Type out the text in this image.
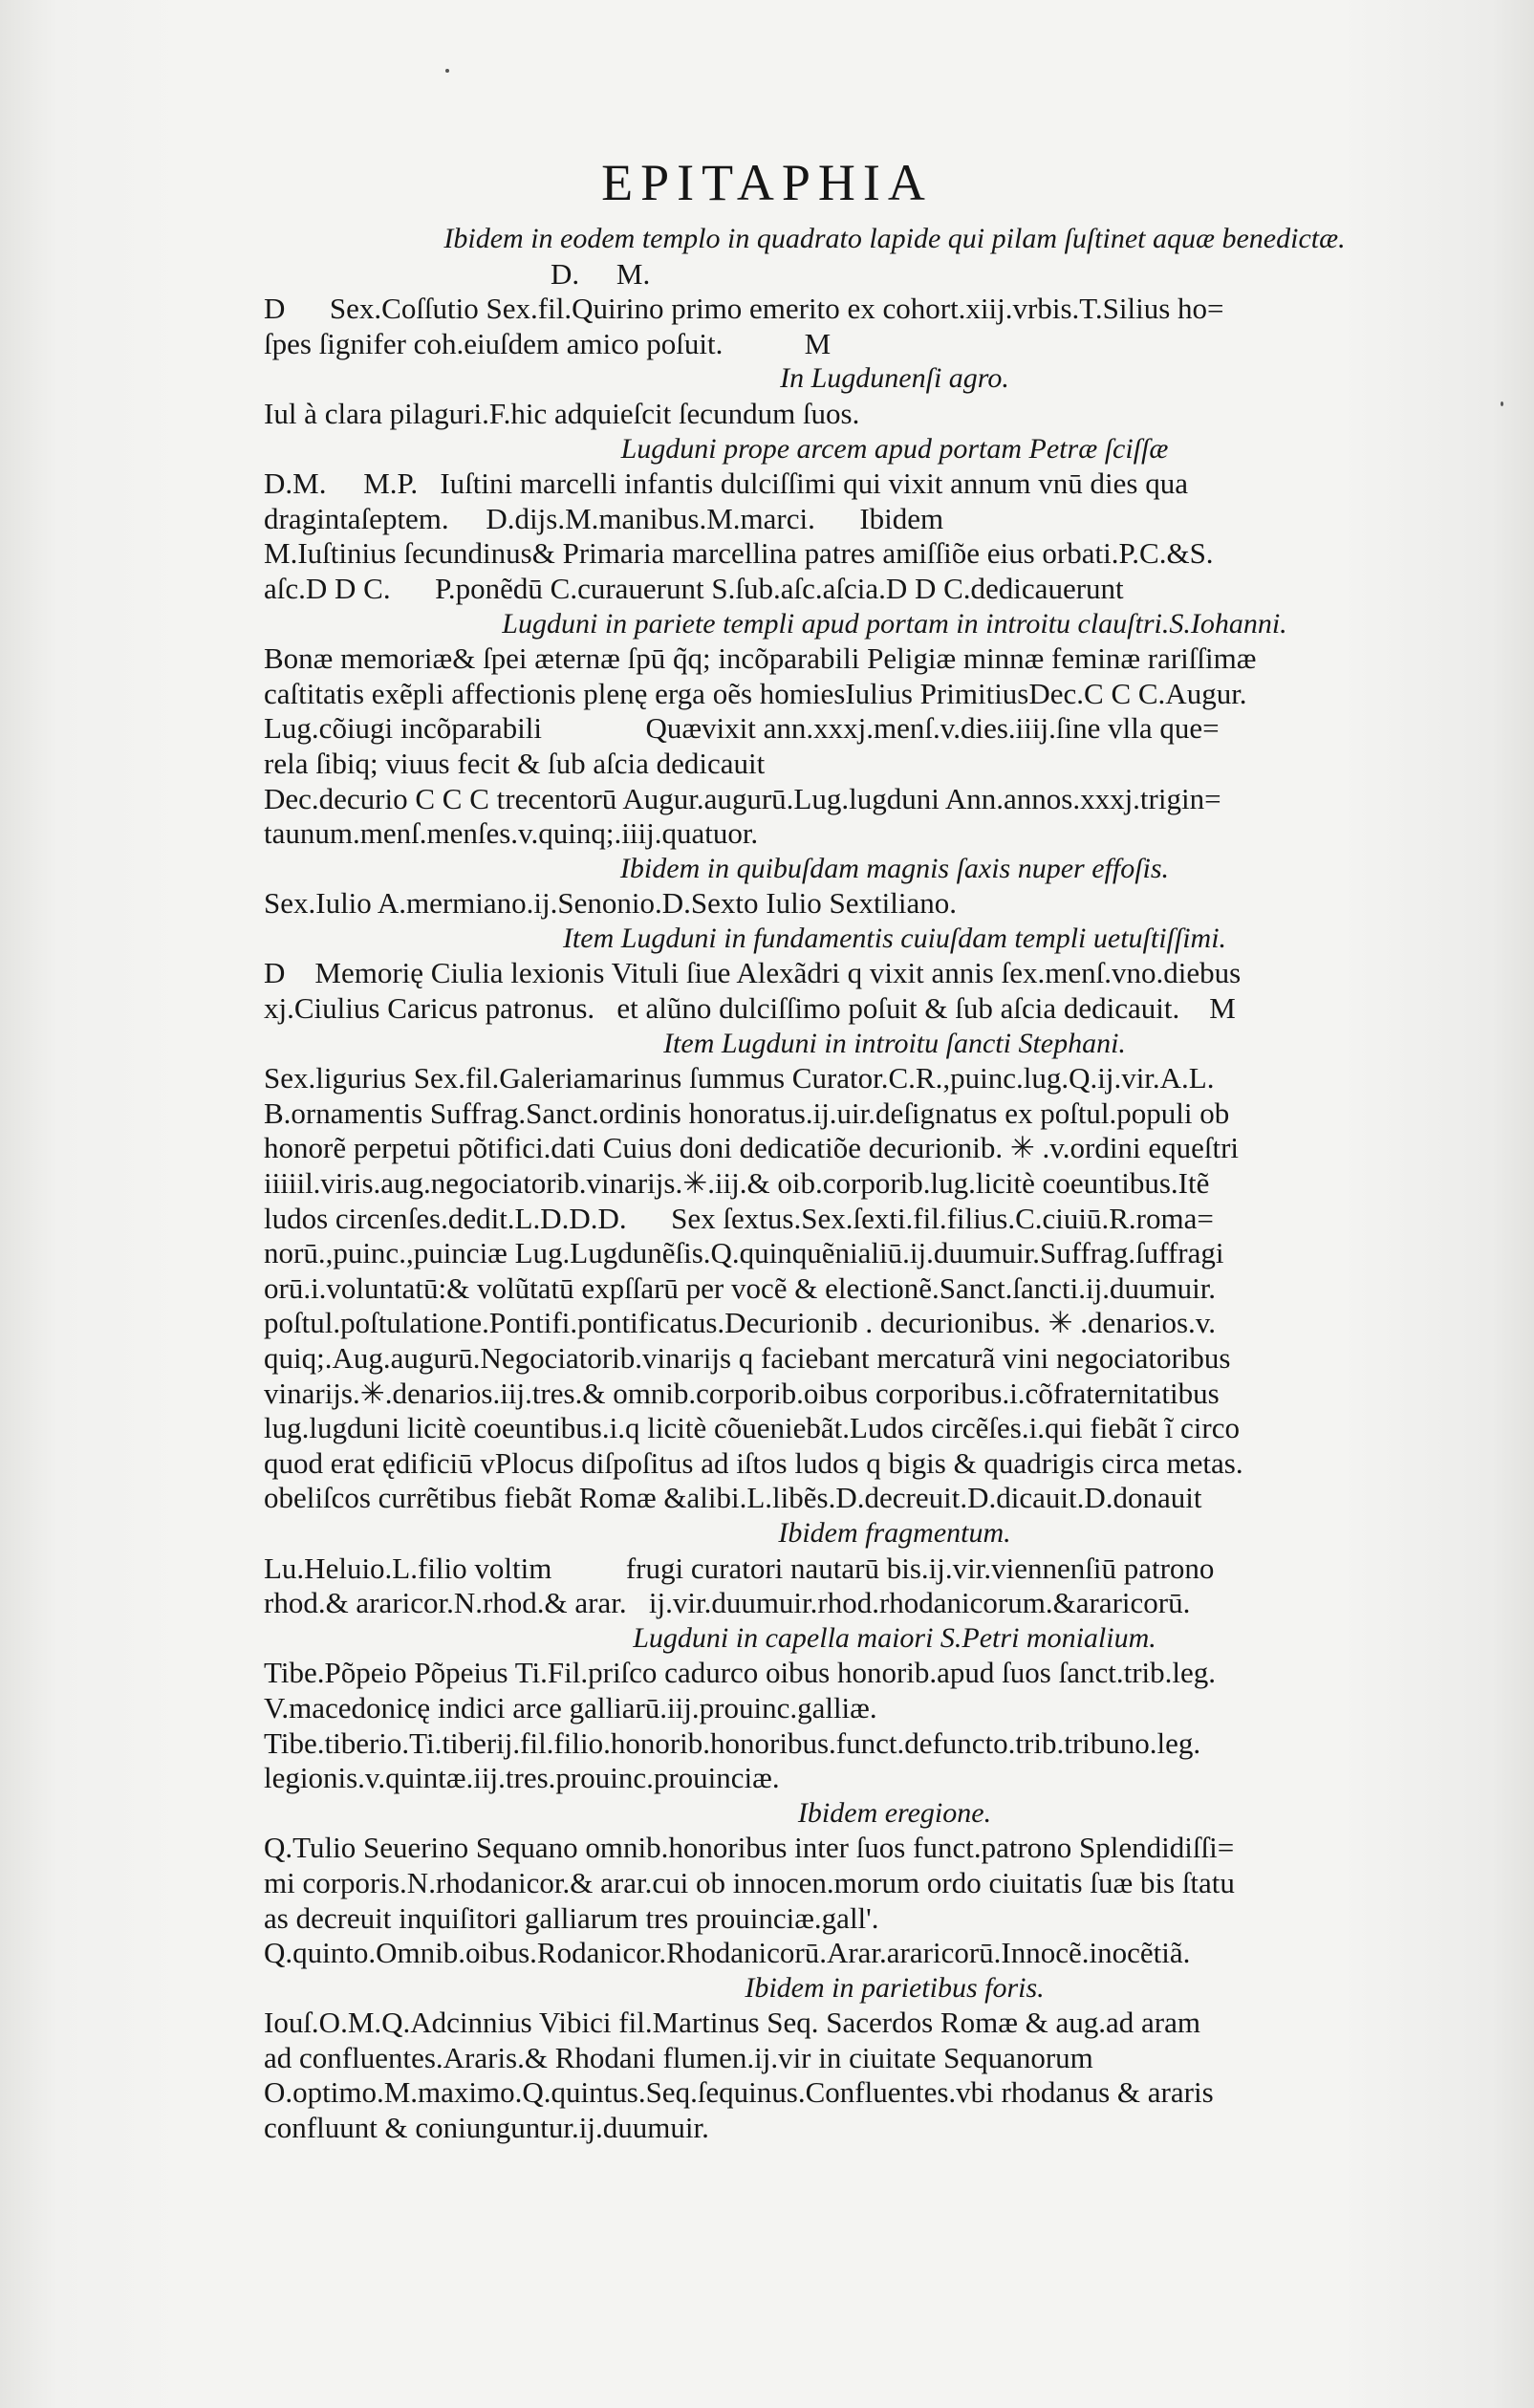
EPITAPHIA
Ibidem in eodem templo in quadrato lapide qui pilam ſuſtinet aquæ benedictæ.
D.     M.
D      Sex.Coſſutio Sex.fil.Quirino primo emerito ex cohort.xiij.vrbis.T.Silius ho=
ſpes ſignifer coh.eiuſdem amico poſuit.           M
In Lugdunenſi agro.
Iul à clara pilaguri.F.hic adquieſcit ſecundum ſuos.
Lugduni prope arcem apud portam Petræ ſciſſæ
D.M.     M.P.   Iuſtini marcelli infantis dulciſſimi qui vixit annum vnū dies qua
dragintaſeptem.     D.dijs.M.manibus.M.marci.      Ibidem
M.Iuſtinius ſecundinus& Primaria marcellina patres amiſſiõe eius orbati.P.C.&S.
aſc.D D C.      P.ponẽdū C.curauerunt S.ſub.aſc.aſcia.D D C.dedicauerunt
Lugduni in pariete templi apud portam in introitu clauſtri.S.Iohanni.
Bonæ memoriæ& ſpei æternæ ſpū q̃q; incõparabili Peligiæ minnæ feminæ rariſſimæ
caſtitatis exẽpli affectionis plenę erga oẽs homiesIulius PrimitiusDec.C C C.Augur.
Lug.cõiugi incõparabili              Quævixit ann.xxxj.menſ.v.dies.iiij.ſine vlla que=
rela ſibiq; viuus fecit & ſub aſcia dedicauit
Dec.decurio C C C trecentorū Augur.augurū.Lug.lugduni Ann.annos.xxxj.trigin=
taunum.menſ.menſes.v.quinq;.iiij.quatuor.
Ibidem in quibuſdam magnis ſaxis nuper effoſis.
Sex.Iulio A.mermiano.ij.Senonio.D.Sexto Iulio Sextiliano.
Item Lugduni in fundamentis cuiuſdam templi uetuſtiſſimi.
D    Memorię Ciulia lexionis Vituli ſiue Alexãdri q vixit annis ſex.menſ.vno.diebus
xj.Ciulius Caricus patronus.   et alũno dulciſſimo poſuit & ſub aſcia dedicauit.    M
Item Lugduni in introitu ſancti Stephani.
Sex.ligurius Sex.fil.Galeriamarinus ſummus Curator.C.R.,puinc.lug.Q.ij.vir.A.L.
B.ornamentis Suffrag.Sanct.ordinis honoratus.ij.uir.deſignatus ex poſtul.populi ob
honorẽ perpetui põtifici.dati Cuius doni dedicatiõe decurionib. ✳ .v.ordini equeſtri
iiiiil.viris.aug.negociatorib.vinarijs.✳.iij.& oib.corporib.lug.licitè coeuntibus.Itẽ
ludos circenſes.dedit.L.D.D.D.      Sex ſextus.Sex.ſexti.fil.filius.C.ciuiū.R.roma=
norū.,puinc.,puinciæ Lug.Lugdunẽſis.Q.quinquẽnialiū.ij.duumuir.Suffrag.ſuffragi
orū.i.voluntatū:& volũtatū expſſarū per vocẽ & electionẽ.Sanct.ſancti.ij.duumuir.
poſtul.poſtulatione.Pontifi.pontificatus.Decurionib . decurionibus. ✳ .denarios.v.
quiq;.Aug.augurū.Negociatorib.vinarijs q faciebant mercaturã vini negociatoribus
vinarijs.✳.denarios.iij.tres.& omnib.corporib.oibus corporibus.i.cõfraternitatibus
lug.lugduni licitè coeuntibus.i.q licitè cõueniebãt.Ludos circẽſes.i.qui fiebãt ĩ circo
quod erat ędificiū vPlocus diſpoſitus ad iſtos ludos q bigis & quadrigis circa metas.
obeliſcos currẽtibus fiebãt Romæ &alibi.L.libẽs.D.decreuit.D.dicauit.D.donauit
Ibidem fragmentum.
Lu.Heluio.L.filio voltim          frugi curatori nautarū bis.ij.vir.viennenſiū patrono
rhod.& araricor.N.rhod.& arar.   ij.vir.duumuir.rhod.rhodanicorum.&araricorū.
Lugduni in capella maiori S.Petri monialium.
Tibe.Põpeio Põpeius Ti.Fil.priſco cadurco oibus honorib.apud ſuos ſanct.trib.leg.
V.macedonicę indici arce galliarū.iij.prouinc.galliæ.
Tibe.tiberio.Ti.tiberij.fil.filio.honorib.honoribus.funct.defuncto.trib.tribuno.leg.
legionis.v.quintæ.iij.tres.prouinc.prouinciæ.
Ibidem eregione.
Q.Tulio Seuerino Sequano omnib.honoribus inter ſuos funct.patrono Splendidiſſi=
mi corporis.N.rhodanicor.& arar.cui ob innocen.morum ordo ciuitatis ſuæ bis ſtatu
as decreuit inquiſitori galliarum tres prouinciæ.gall'.
Q.quinto.Omnib.oibus.Rodanicor.Rhodanicorū.Arar.araricorū.Innocẽ.inocẽtiã.
Ibidem in parietibus foris.
Iouſ.O.M.Q.Adcinnius Vibici fil.Martinus Seq. Sacerdos Romæ & aug.ad aram
ad confluentes.Araris.& Rhodani flumen.ij.vir in ciuitate Sequanorum
O.optimo.M.maximo.Q.quintus.Seq.ſequinus.Confluentes.vbi rhodanus & araris
confluunt & coniunguntur.ij.duumuir.
